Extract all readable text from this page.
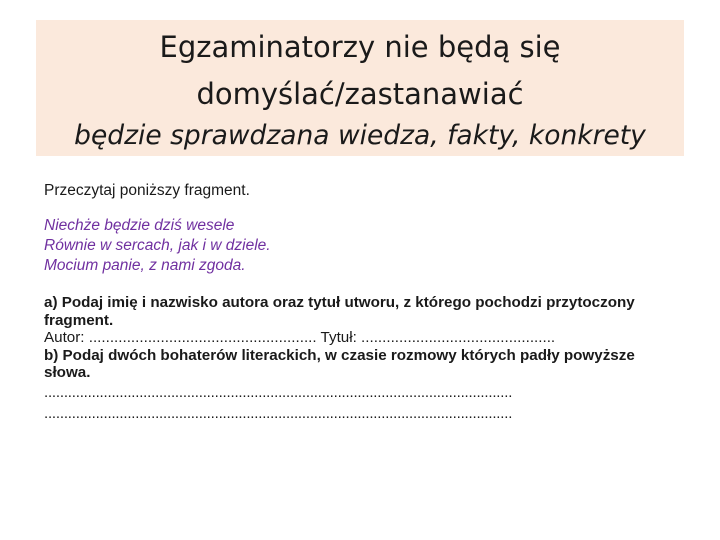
Egzaminatorzy nie będą się
domyślać/zastanawiać
będzie sprawdzana wiedza, fakty, konkrety
Przeczytaj poniższy fragment.
Niechże będzie dziś wesele
Równie w sercach, jak i w dziele.
Mocium panie, z nami zgoda.
a) Podaj imię i nazwisko autora oraz tytuł utworu, z którego pochodzi przytoczony fragment.
Autor: ...................................................... Tytuł: ..............................................
b) Podaj dwóch bohaterów literackich, w czasie rozmowy których padły powyższe słowa.
......................................................................................................................
......................................................................................................................
